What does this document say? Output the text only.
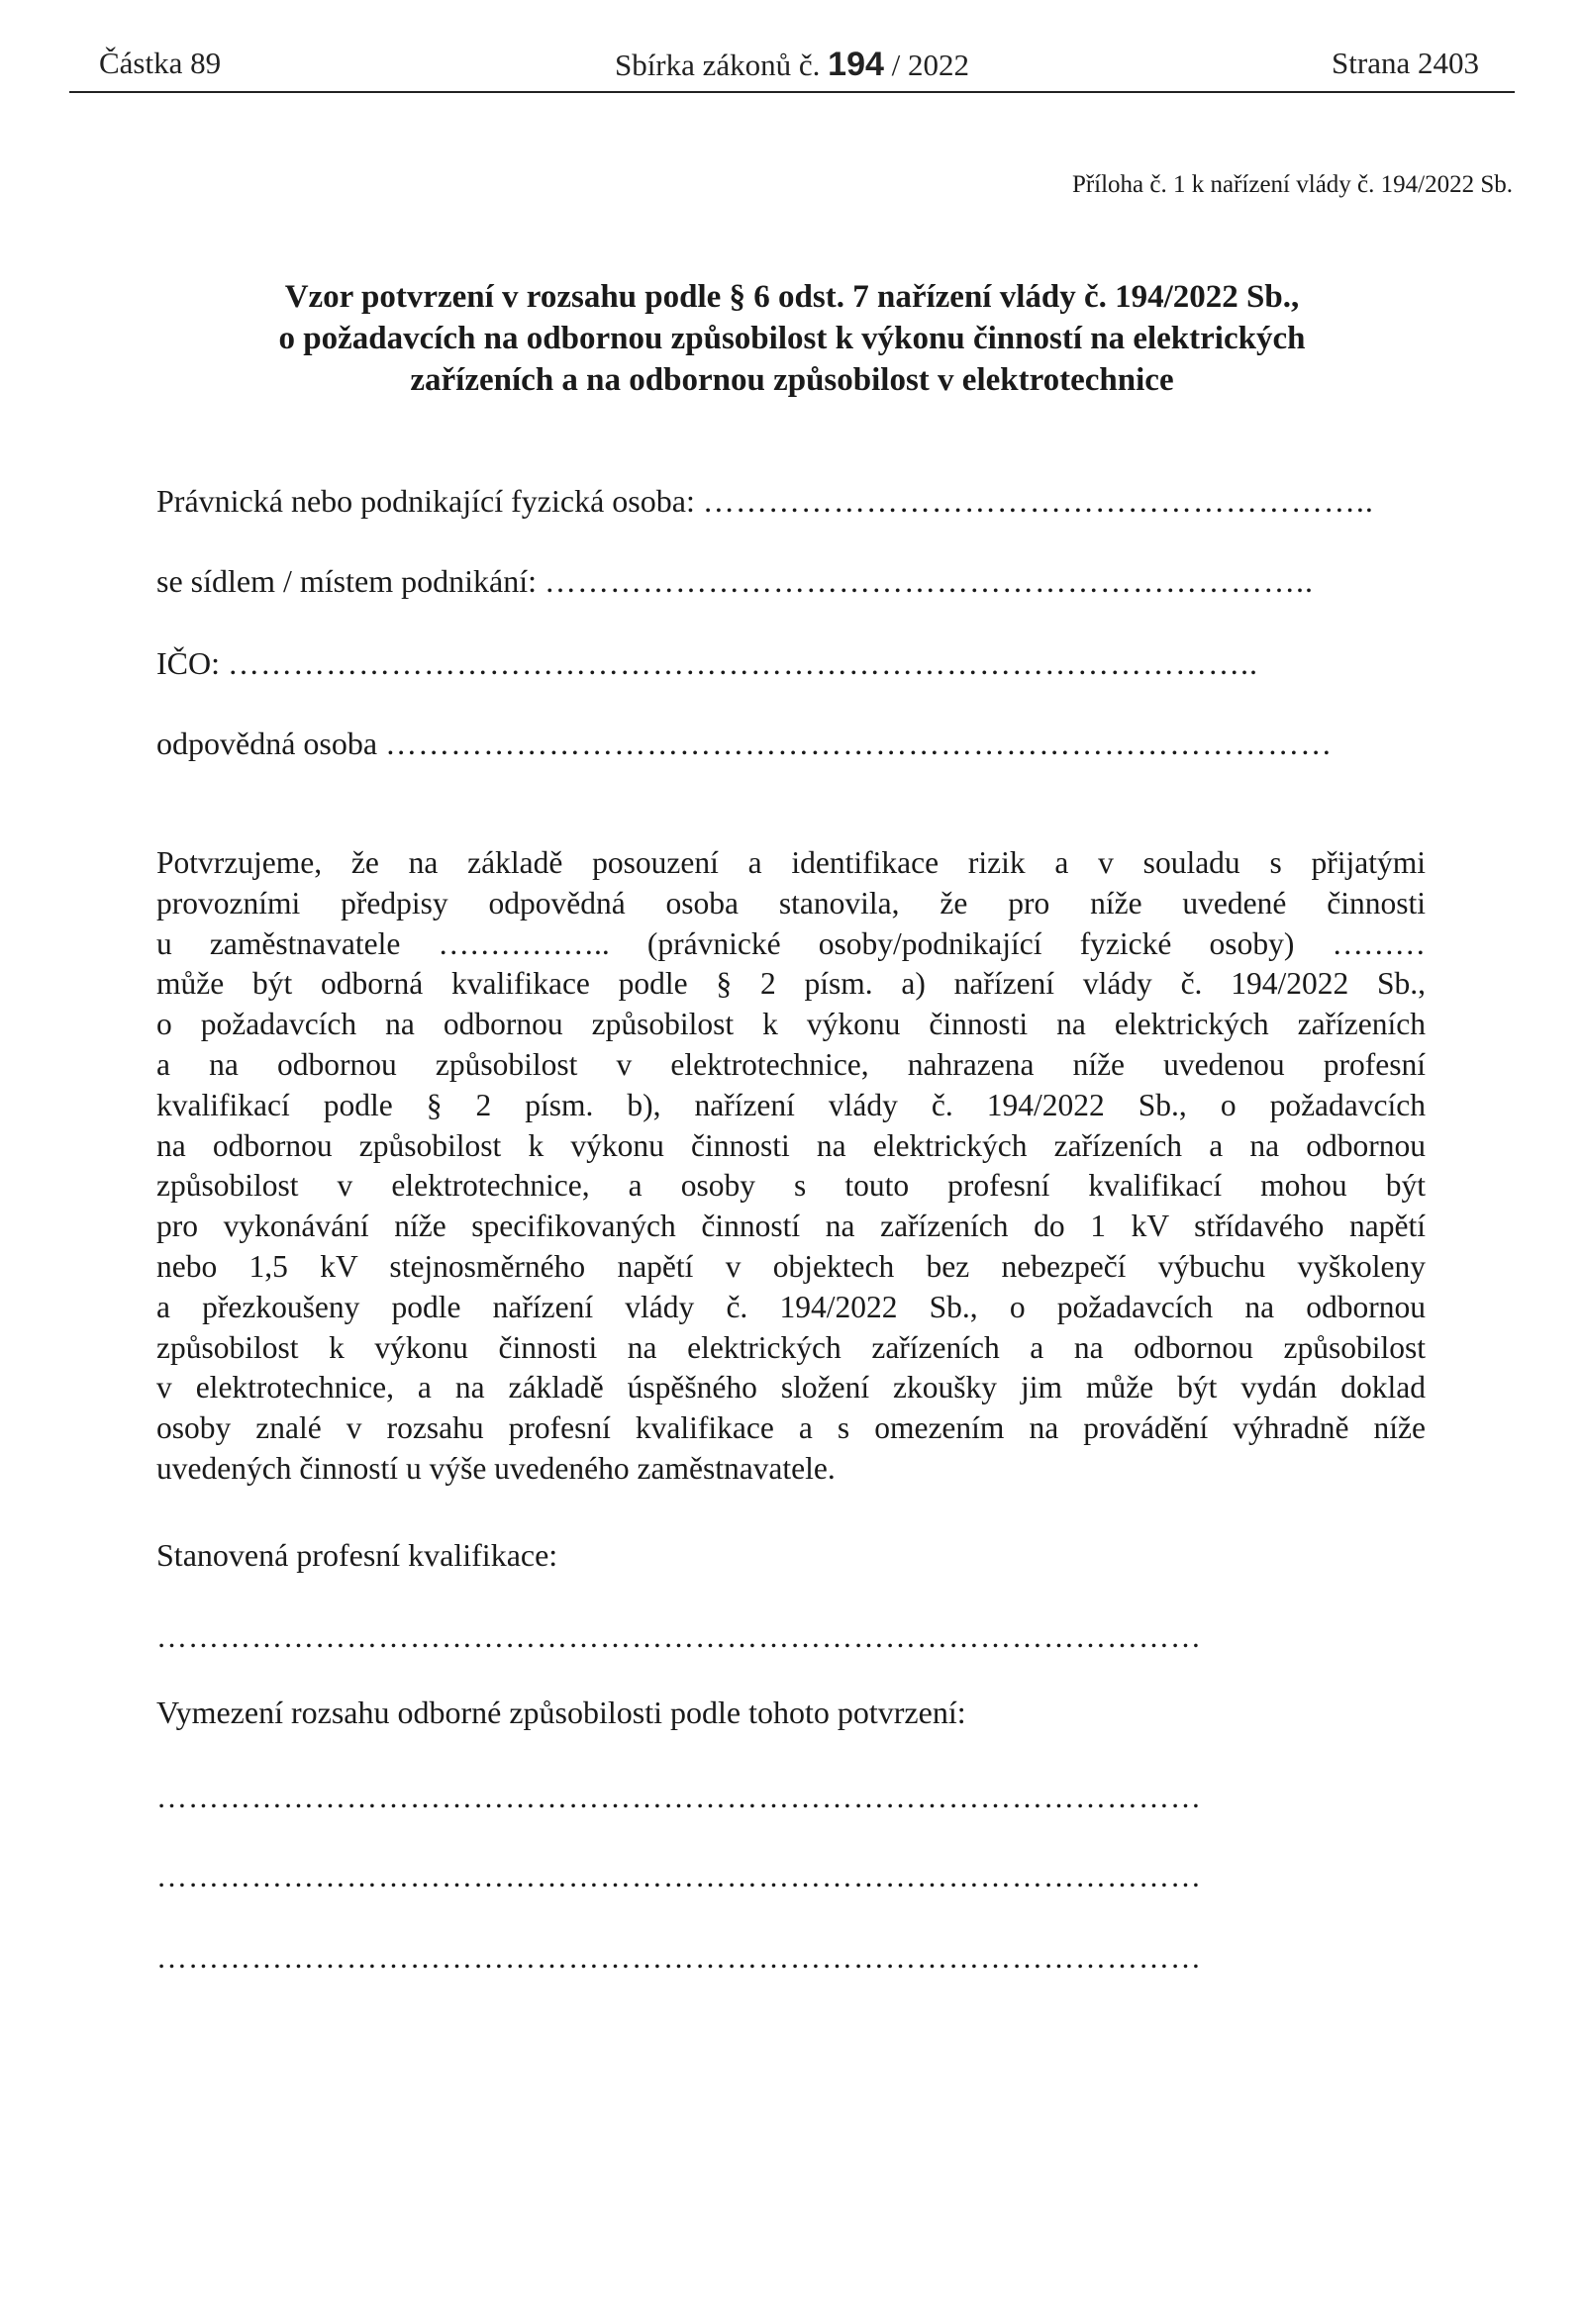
Částka 89	Sbírka zákonů č. 194 / 2022	Strana 2403
Příloha č. 1 k nařízení vlády č. 194/2022 Sb.
Vzor potvrzení v rozsahu podle § 6 odst. 7 nařízení vlády č. 194/2022 Sb.,
o požadavcích na odbornou způsobilost k výkonu činností na elektrických
zařízeních a na odbornou způsobilost v elektrotechnice
Právnická nebo podnikající fyzická osoba: ……………………………………………………..
se sídlem / místem podnikání: ……………………………………………………………..
IČO: …………………………………………………………………………………..
odpovědná osoba ……………………………………………………………………………
Potvrzujeme, že na základě posouzení a identifikace rizik a v souladu s přijatými
provozními předpisy odpovědná osoba stanovila, že pro níže uvedené činnosti
u zaměstnavatele …………….. (právnické osoby/podnikající fyzické osoby) ………
může být odborná kvalifikace podle § 2 písm. a) nařízení vlády č. 194/2022 Sb.,
o požadavcích na odbornou způsobilost k výkonu činnosti na elektrických zařízeních
a na odbornou způsobilost v elektrotechnice, nahrazena níže uvedenou profesní
kvalifikací podle § 2 písm. b), nařízení vlády č. 194/2022 Sb., o požadavcích
na odbornou způsobilost k výkonu činnosti na elektrických zařízeních a na odbornou
způsobilost v elektrotechnice, a osoby s touto profesní kvalifikací mohou být
pro vykonávání níže specifikovaných činností na zařízeních do 1 kV střídavého napětí
nebo 1,5 kV stejnosměrného napětí v objektech bez nebezpečí výbuchu vyškoleny
a přezkoušeny podle nařízení vlády č. 194/2022 Sb., o požadavcích na odbornou
způsobilost k výkonu činnosti na elektrických zařízeních a na odbornou způsobilost
v elektrotechnice, a na základě úspěšného složení zkoušky jim může být vydán doklad
osoby znalé v rozsahu profesní kvalifikace a s omezením na provádění výhradně níže
uvedených činností u výše uvedeného zaměstnavatele.
Stanovená profesní kvalifikace:
………………………………………………………………………………………
Vymezení rozsahu odborné způsobilosti podle tohoto potvrzení:
………………………………………………………………………………………
………………………………………………………………………………………
………………………………………………………………………………………
